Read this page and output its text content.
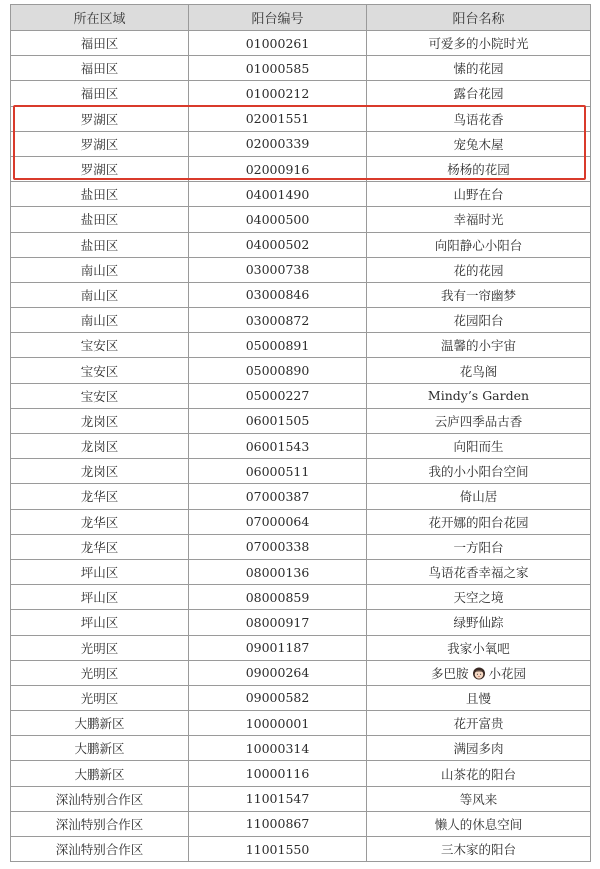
所在区域	阳台编号	阳台名称
福田区	01000261	可爱多的小院时光
福田区	01000585	愫的花园
福田区	01000212	露台花园
罗湖区	02001551	鸟语花香
罗湖区	02000339	宠兔木屋
罗湖区	02000916	杨杨的花园
盐田区	04001490	山野在台
盐田区	04000500	幸福时光
盐田区	04000502	向阳静心小阳台
南山区	03000738	花的花园
南山区	03000846	我有一帘幽梦
南山区	03000872	花园阳台
宝安区	05000891	温馨的小宇宙
宝安区	05000890	花鸟阁
宝安区	05000227	Mindy’s Garden
龙岗区	06001505	云庐四季品古香
龙岗区	06001543	向阳而生
龙岗区	06000511	我的小小阳台空间
龙华区	07000387	倚山居
龙华区	07000064	花开娜的阳台花园
龙华区	07000338	一方阳台
坪山区	08000136	鸟语花香幸福之家
坪山区	08000859	天空之境
坪山区	08000917	绿野仙踪
光明区	09001187	我家小氧吧
光明区	09000264	多巴胺 小花园
光明区	09000582	且慢
大鹏新区	10000001	花开富贵
大鹏新区	10000314	满园多肉
大鹏新区	10000116	山茶花的阳台
深汕特别合作区	11001547	等风来
深汕特别合作区	11000867	懒人的休息空间
深汕特别合作区	11001550	三木家的阳台
